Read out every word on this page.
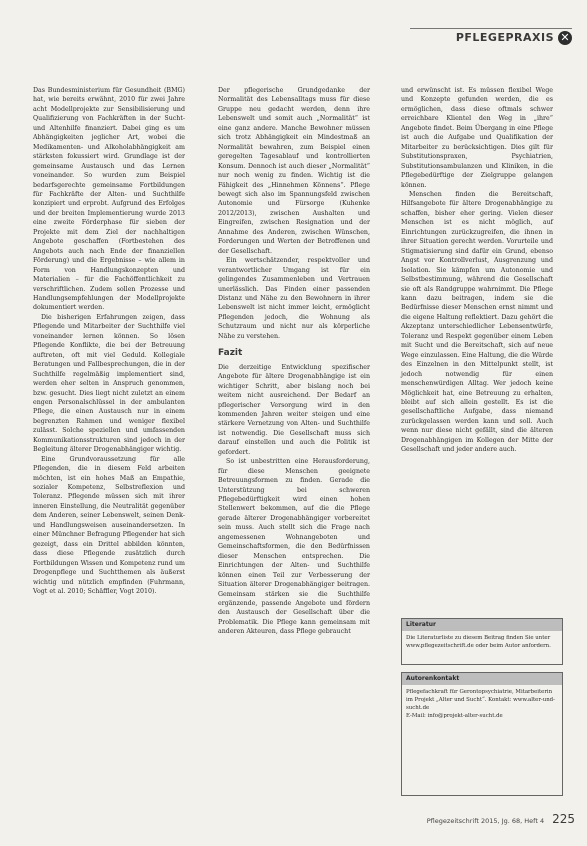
PFLEGEPRAXIS ✕

Das Bundesministerium für Gesundheit (BMG) hat, wie bereits erwähnt, 2010 für zwei Jahre acht Modellprojekte zur Sensibilisierung und Qualifizierung von Fachkräften in der Sucht- und Altenhilfe finanziert. Dabei ging es um Abhängigkeiten jeglicher Art, wobei die Medikamenten- und Alkoholabhängigkeit am stärksten fokussiert wird. Grundlage ist der gemeinsame Austausch und das Lernen voneinander. So wurden zum Beispiel bedarfsgerechte gemeinsame Fortbildungen für Fachkräfte der Alten- und Suchthilfe konzipiert und erprobt. Aufgrund des Erfolges und der breiten Implementierung wurde 2013 eine zweite Förderphase für sieben der Projekte mit dem Ziel der nachhaltigen Angebote geschaffen (Fortbestehen des Angebots auch nach Ende der finanziellen Förderung) und die Ergebnisse – wie allem in Form von Handlungskonzepten und Materialien – für die Fachöffentlichkeit zu verschriftlichen. Zudem sollen Prozesse und Handlungsempfehlungen der Modellprojekte dokumentiert werden.

Die bisherigen Erfahrungen zeigen, dass Pflegende und Mitarbeiter der Suchthilfe viel voneinander lernen können. So lösen Pflegende Konflikte, die bei der Betreuung auftreten, oft mit viel Geduld. Kollegiale Beratungen und Fallbesprechungen, die in der Suchthilfe regelmäßig implementiert sind, werden eher selten in Anspruch genommen, bzw. gesucht. Dies liegt nicht zuletzt an einem engen Personalschlüssel in der ambulanten Pflege, die einen Austausch nur in einem begrenzten Rahmen und weniger flexibel zulässt. Solche speziellen und umfassenden Kommunikationsstrukturen sind jedoch in der Begleitung älterer Drogenabhängiger wichtig.

Eine Grundvoraussetzung für alle Pflegenden, die in diesem Feld arbeiten möchten, ist ein hohes Maß an Empathie, sozialer Kompetenz, Selbstreflexion und Toleranz. Pflegende müssen sich mit ihrer inneren Einstellung, die Neutralität gegenüber dem Anderen, seiner Lebenswelt, seinen Denk- und Handlungsweisen auseinandersetzen. In einer Münchner Befragung Pflegender hat sich gezeigt, dass ein Drittel abbilden könnten, dass diese Pflegende zusätzlich durch Fortbildungen Wissen und Kompetenz rund um Drogenpflege und Suchtthemen als äußerst wichtig und nützlich empfinden (Fuhrmann, Vogt et al. 2010; Schäffler, Vogt 2010).

Der pflegerische Grundgedanke der Normalität des Lebensalltags muss für diese Gruppe neu gedacht werden, denn ihre Lebenswelt und somit auch „Normalität“ ist eine ganz andere. Manche Bewohner müssen sich trotz Abhängigkeit ein Mindestmaß an Normalität bewahren, zum Beispiel einen geregelten Tagesablauf und kontrollierten Konsum. Dennoch ist auch dieser „Normalität“ nur noch wenig zu finden. Wichtig ist die Fähigkeit des „Hinnehmen Könnens“. Pflege bewegt sich also im Spannungsfeld zwischen Autonomie und Fürsorge (Kuhenke 2012/2013), zwischen Aushalten und Eingreifen, zwischen Resignation und der Annahme des Anderen, zwischen Wünschen, Forderungen und Werten der Betroffenen und der Gesellschaft.

Ein wertschätzender, respektvoller und verantwortlicher Umgang ist für ein gelingendes Zusammenleben und Vertrauen unerlässlich. Das Finden einer passenden Distanz und Nähe zu den Bewohnern in ihrer Lebenswelt ist nicht immer leicht, ermöglicht Pflegenden jedoch, die Wohnung als Schutzraum und nicht nur als körperliche Nähe zu verstehen.

Fazit

Die derzeitige Entwicklung spezifischer Angebote für ältere Drogenabhängige ist ein wichtiger Schritt, aber bislang noch bei weitem nicht ausreichend. Der Bedarf an pflegerischer Versorgung wird in den kommenden Jahren weiter steigen und eine stärkere Vernetzung von Alten- und Suchthilfe ist notwendig. Die Gesellschaft muss sich darauf einstellen und auch die Politik ist gefordert.

So ist unbestritten eine Herausforderung, für diese Menschen geeignete Betreuungsformen zu finden. Gerade die Unterstützung bei schweren Pflegebedürftigkeit wird einen hohen Stellenwert bekommen, auf die die Pflege gerade älterer Drogenabhängiger vorbereitet sein muss. Auch stellt sich die Frage nach angemessenen Wohnangeboten und Gemeinschaftsformen, die den Bedürfnissen dieser Menschen entsprechen. Die Einrichtungen der Alten- und Suchthilfe können einen Teil zur Verbesserung der Situation älterer Drogenabhängiger beitragen. Gemeinsam stärken sie die Suchthilfe ergänzende, passende Angebote und fördern den Austausch der Gesellschaft über die Problematik. Die Pflege kann gemeinsam mit anderen Akteuren, dass Pflege gebraucht

und erwünscht ist. Es müssen flexibel Wege und Konzepte gefunden werden, die es ermöglichen, dass diese oftmals schwer erreichbare Klientel den Weg in „ihre“ Angebote findet. Beim Übergang in eine Pflege ist auch die Aufgabe und Qualifikation der Mitarbeiter zu berücksichtigen. Dies gilt für Substitutionspraxen, Psychiatrien, Substitutionsambulanzen und Kliniken, in die Pflegebedürftige der Zielgruppe gelangen können.

Menschen finden die Bereitschaft, Hilfsangebote für ältere Drogenabhängige zu schaffen, bisher eher gering. Vielen dieser Menschen ist es nicht möglich, auf Einrichtungen zurückzugreifen, die ihnen in ihrer Situation gerecht werden. Vorurteile und Stigmatisierung sind dafür ein Grund, ebenso Angst vor Kontrollverlust, Ausgrenzung und Isolation. Sie kämpfen um Autonomie und Selbstbestimmung, während die Gesellschaft sie oft als Randgruppe wahrnimmt. Die Pflege kann dazu beitragen, indem sie die Bedürfnisse dieser Menschen ernst nimmt und die eigene Haltung reflektiert. Dazu gehört die Akzeptanz unterschiedlicher Lebensentwürfe, Toleranz und Respekt gegenüber einem Leben mit Sucht und die Bereitschaft, sich auf neue Wege einzulassen. Eine Haltung, die die Würde des Einzelnen in den Mittelpunkt stellt, ist jedoch notwendig für einen menschenwürdigen Alltag. Wer jedoch keine Möglichkeit hat, eine Betreuung zu erhalten, bleibt auf sich allein gestellt. Es ist die gesellschaftliche Aufgabe, dass niemand zurückgelassen werden kann und soll. Auch wenn nur diese nicht gefällt, sind die älteren Drogenabhängigen im Kollegen der Mitte der Gesellschaft und jeder andere auch.

Literatur
Die Literaturliste zu diesem Beitrag finden Sie unter www.pflegezeitschrift.de oder beim Autor anfordern.
Autorenkontakt
Pflegefachkraft für Gerontopsychiatrie, Mitarbeiterin im Projekt „Alter und Sucht“. Kontakt: www.alter-und-sucht.de
E-Mail: info@projekt-alter-sucht.de
Pflegezeitschrift 2015, Jg. 68, Heft 4 225
